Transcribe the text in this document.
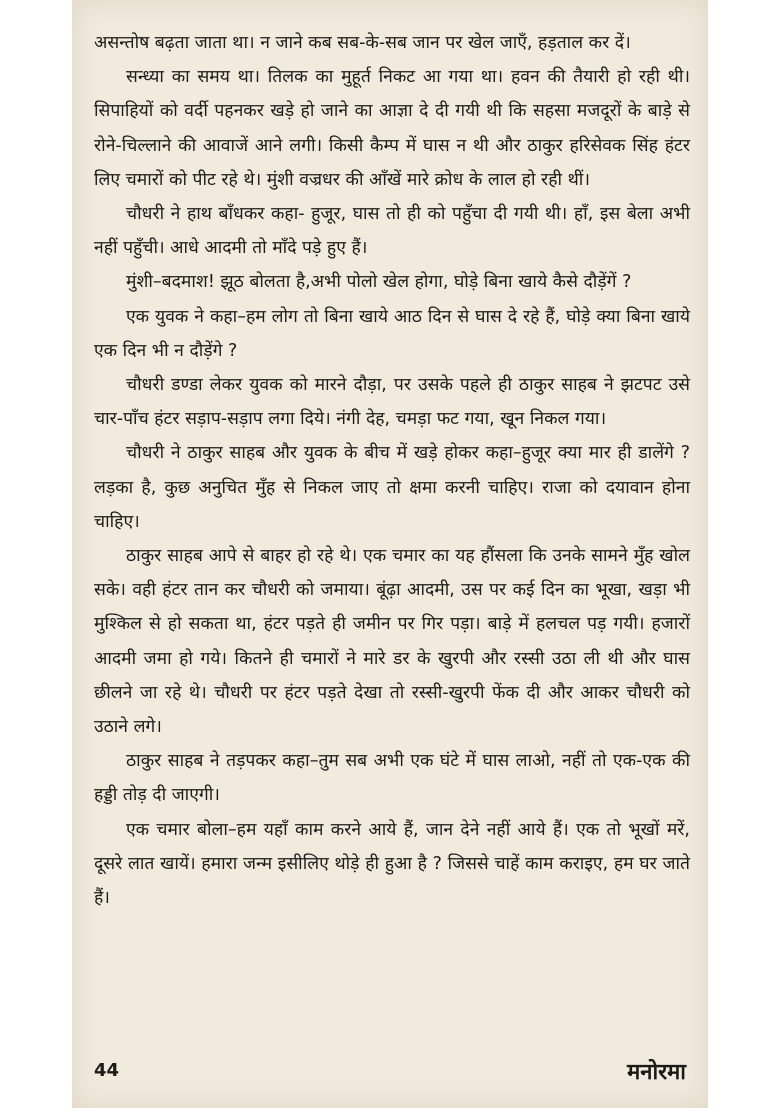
असन्तोष बढ़ता जाता था। न जाने कब सब-के-सब जान पर खेल जाएँ, हड़ताल कर दें।

सन्ध्या का समय था। तिलक का मुहूर्त निकट आ गया था। हवन की तैयारी हो रही थी। सिपाहियों को वर्दी पहनकर खड़े हो जाने का आज्ञा दे दी गयी थी कि सहसा मजदूरों के बाड़े से रोने-चिल्लाने की आवाजें आने लगी। किसी कैम्प में घास न थी और ठाकुर हरिसेवक सिंह हंटर लिए चमारों को पीट रहे थे। मुंशी वज्रधर की आँखें मारे क्रोध के लाल हो रही थीं।

चौधरी ने हाथ बाँधकर कहा- हुजूर, घास तो ही को पहुँचा दी गयी थी। हाँ, इस बेला अभी नहीं पहुँची। आधे आदमी तो माँदे पड़े हुए हैं।

मुंशी–बदमाश! झूठ बोलता है,अभी पोलो खेल होगा, घोड़े बिना खाये कैसे दौड़ेंगें ?

एक युवक ने कहा–हम लोग तो बिना खाये आठ दिन से घास दे रहे हैं, घोड़े क्या बिना खाये एक दिन भी न दौड़ेंगे ?

चौधरी डण्डा लेकर युवक को मारने दौड़ा, पर उसके पहले ही ठाकुर साहब ने झटपट उसे चार-पाँच हंटर सड़ाप-सड़ाप लगा दिये। नंगी देह, चमड़ा फट गया, खून निकल गया।

चौधरी ने ठाकुर साहब और युवक के बीच में खड़े होकर कहा–हुजूर क्या मार ही डालेंगे ? लड़का है, कुछ अनुचित मुँह से निकल जाए तो क्षमा करनी चाहिए। राजा को दयावान होना चाहिए।

ठाकुर साहब आपे से बाहर हो रहे थे। एक चमार का यह हौंसला कि उनके सामने मुँह खोल सके। वही हंटर तान कर चौधरी को जमाया। बूंढ़ा आदमी, उस पर कई दिन का भूखा, खड़ा भी मुश्किल से हो सकता था, हंटर पड़ते ही जमीन पर गिर पड़ा। बाड़े में हलचल पड़ गयी। हजारों आदमी जमा हो गये। कितने ही चमारों ने मारे डर के खुरपी और रस्सी उठा ली थी और घास छीलने जा रहे थे। चौधरी पर हंटर पड़ते देखा तो रस्सी-खुरपी फेंक दी और आकर चौधरी को उठाने लगे।

ठाकुर साहब ने तड़पकर कहा–तुम सब अभी एक घंटे में घास लाओ, नहीं तो एक-एक की हड्डी तोड़ दी जाएगी।

एक चमार बोला–हम यहाँ काम करने आये हैं, जान देने नहीं आये हैं। एक तो भूखों मरें, दूसरे लात खायें। हमारा जन्म इसीलिए थोड़े ही हुआ है ? जिससे चाहें काम कराइए, हम घर जाते हैं।

44	मनोरमा
